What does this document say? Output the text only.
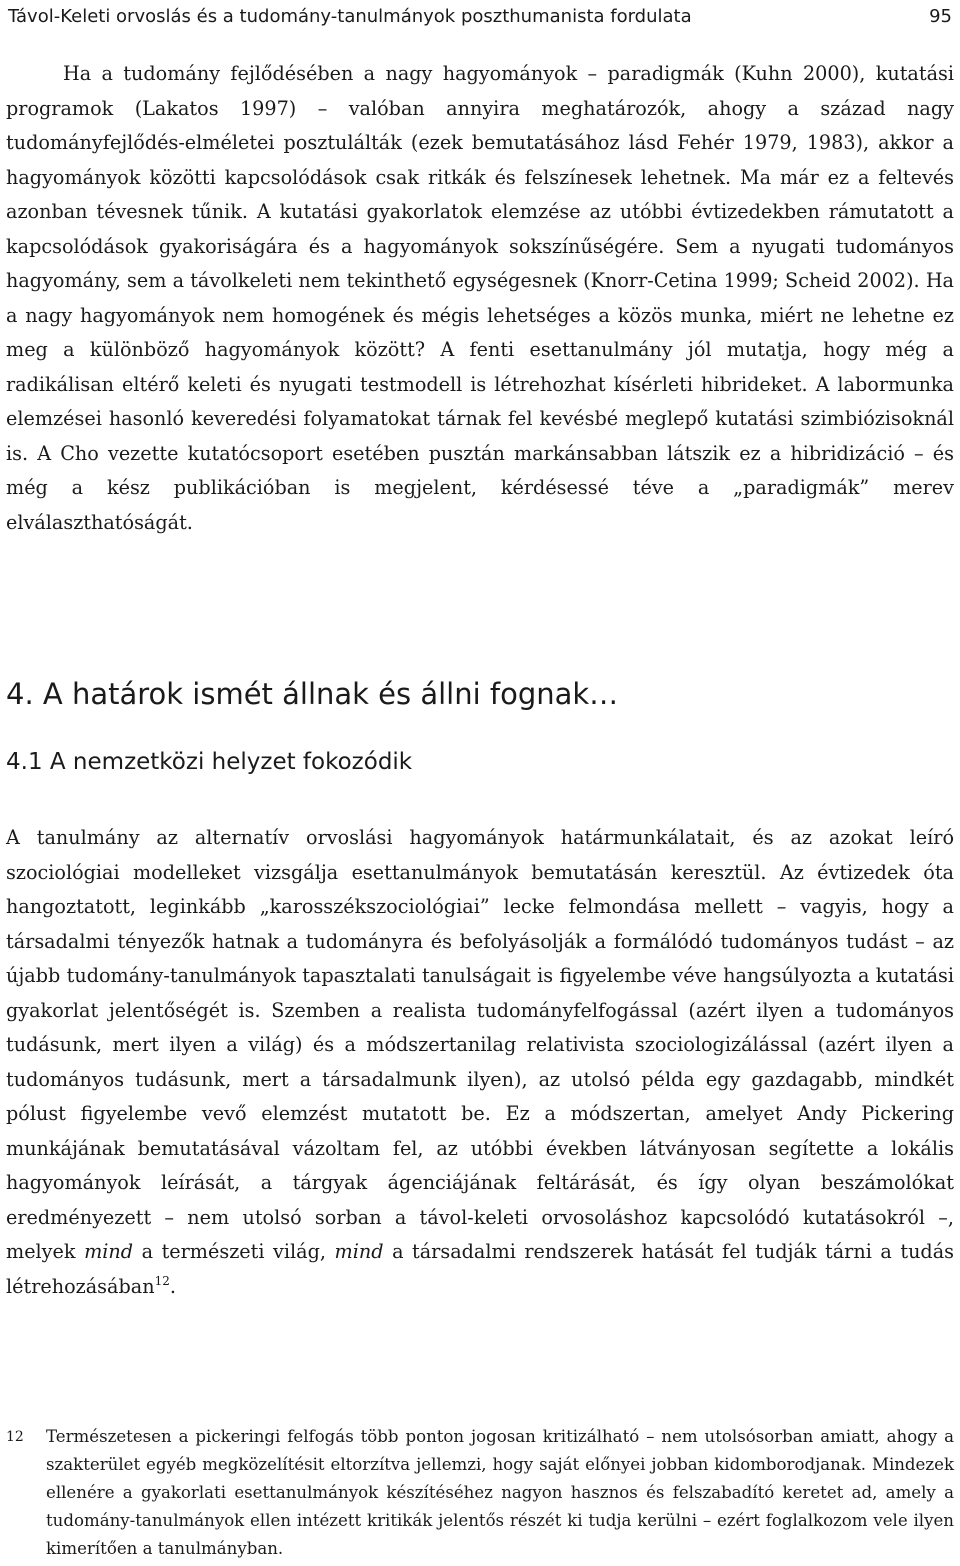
Távol-Keleti orvoslás és a tudomány-tanulmányok poszthumanista fordulata	95

Ha a tudomány fejlődésében a nagy hagyományok – paradigmák (Kuhn 2000), kutatási programok (Lakatos 1997) – valóban annyira meghatározók, ahogy a század nagy tudományfejlődés-elméletei posztulálták (ezek bemutatásához lásd Fehér 1979, 1983), akkor a hagyományok közötti kapcsolódások csak ritkák és felszínesek lehetnek. Ma már ez a feltevés azonban tévesnek tűnik. A kutatási gyakorlatok elemzése az utóbbi évtizedekben rámutatott a kapcsolódások gyakoriságára és a hagyományok sokszínűségére. Sem a nyugati tudományos hagyomány, sem a távolkeleti nem tekinthető egységesnek (Knorr-Cetina 1999; Scheid 2002). Ha a nagy hagyományok nem homogének és mégis lehetséges a közös munka, miért ne lehetne ez meg a különböző hagyományok között? A fenti esettanulmány jól mutatja, hogy még a radikálisan eltérő keleti és nyugati testmodell is létrehozhat kísérleti hibrideket. A labormunka elemzései hasonló keveredési folyamatokat tárnak fel kevésbé meglepő kutatási szimbiózisoknál is. A Cho vezette kutatócsoport esetében pusztán markánsabban látszik ez a hibridizáció – és még a kész publikációban is megjelent, kérdésessé téve a „paradigmák” merev elválaszthatóságát.

4. A határok ismét állnak és állni fognak…
4.1 A nemzetközi helyzet fokozódik

A tanulmány az alternatív orvoslási hagyományok határmunkálatait, és az azokat leíró szociológiai modelleket vizsgálja esettanulmányok bemutatásán keresztül. Az évtizedek óta hangoztatott, leginkább „karosszékszociológiai” lecke felmondása mellett – vagyis, hogy a társadalmi tényezők hatnak a tudományra és befolyásolják a formálódó tudományos tudást – az újabb tudomány-tanulmányok tapasztalati tanulságait is figyelembe véve hangsúlyozta a kutatási gyakorlat jelentőségét is. Szemben a realista tudományfelfogással (azért ilyen a tudományos tudásunk, mert ilyen a világ) és a módszertanilag relativista szociologizálással (azért ilyen a tudományos tudásunk, mert a társadalmunk ilyen), az utolsó példa egy gazdagabb, mindkét pólust figyelembe vevő elemzést mutatott be. Ez a módszertan, amelyet Andy Pickering munkájának bemutatásával vázoltam fel, az utóbbi években látványosan segítette a lokális hagyományok leírását, a tárgyak ágenciájának feltárását, és így olyan beszámolókat eredményezett – nem utolsó sorban a távol-keleti orvosoláshoz kapcsolódó kutatásokról –, melyek mind a természeti világ, mind a társadalmi rendszerek hatását fel tudják tárni a tudás létrehozásában$^{12}$.

12	Természetesen a pickeringi felfogás több ponton jogosan kritizálható – nem utolsósorban amiatt, ahogy a szakterület egyéb megközelítésit eltorzítva jellemzi, hogy saját előnyei jobban kidomborodjanak. Mindezek ellenére a gyakorlati esettanulmányok készítéséhez nagyon hasznos és felszabadító keretet ad, amely a tudomány-tanulmányok ellen intézett kritikák jelentős részét ki tudja kerülni – ezért foglalkozom vele ilyen kimerítően a tanulmányban.
